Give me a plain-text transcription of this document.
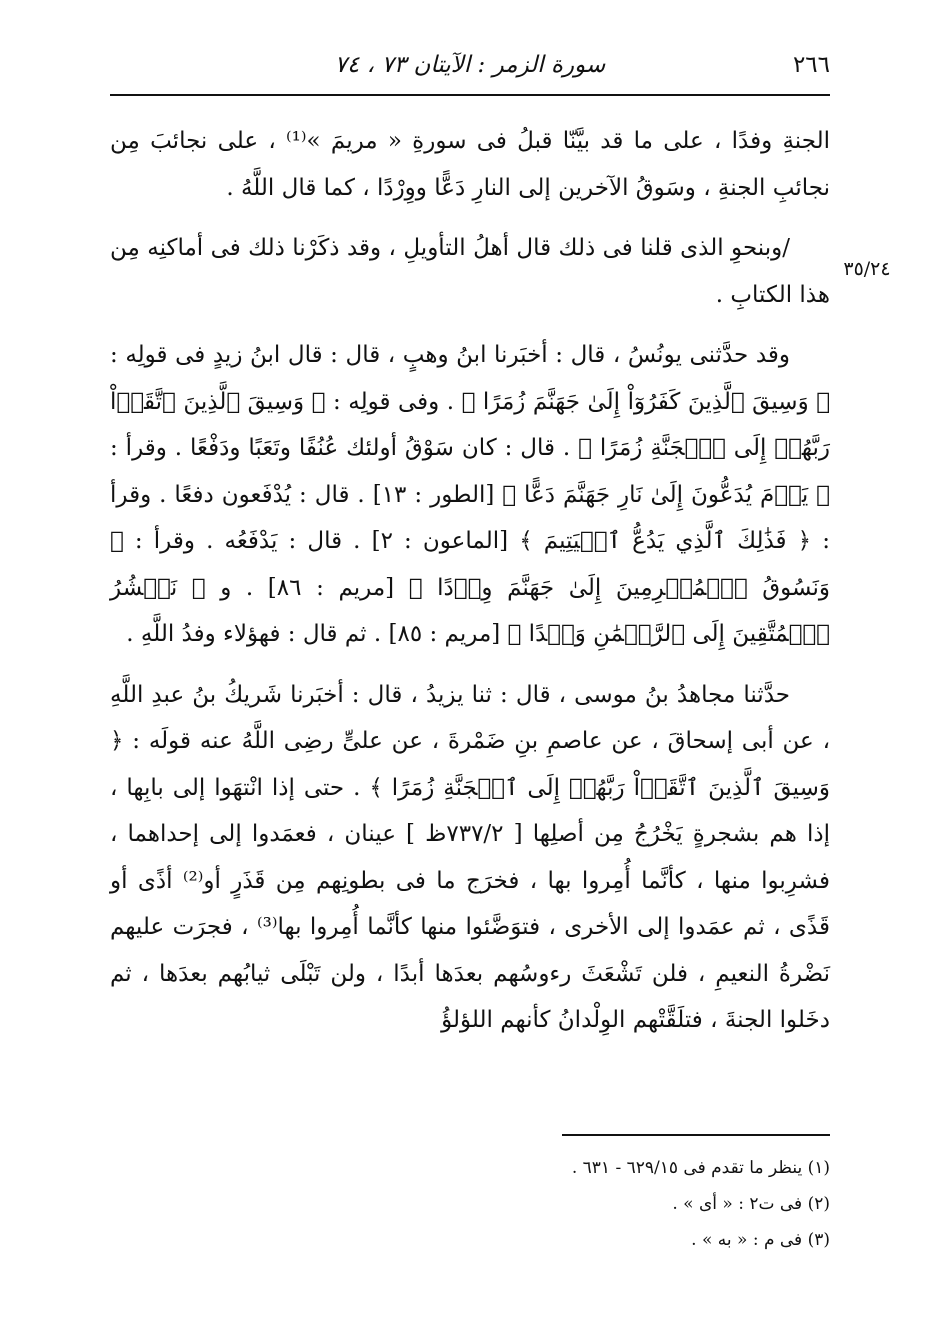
٢٦٦
سورة الزمر : الآيتان ٧٣ ، ٧٤
٣٥/٢٤

الجنةِ وفدًا ، على ما قد بيَّنّا قبلُ فى سورةِ « مريمَ »⁽¹⁾ ، على نجائبَ مِن نجائبِ الجنةِ ، وسَوقُ الآخرين إلى النارِ دَعًّا ووِرْدًا ، كما قال اللَّهُ .

/وبنحوِ الذى قلنا فى ذلك قال أهلُ التأويلِ ، وقد ذكَرْنا ذلك فى أماكنِه مِن هذا الكتابِ .

وقد حدَّثنى يونُسُ ، قال : أخبَرنا ابنُ وهبٍ ، قال : قال ابنُ زيدٍ فى قولِه : ﴿ وَسِيقَ ٱلَّذِينَ كَفَرُوٓاْ إِلَىٰ جَهَنَّمَ زُمَرًا ﴾ . وفى قولِه : ﴿ وَسِيقَ ٱلَّذِينَ ٱتَّقَوۡاْ رَبَّهُمۡ إِلَى ٱلۡجَنَّةِ زُمَرًا ﴾ . قال : كان سَوْقُ أولئك عُنُفًا وتَعَبًا ودَفْعًا . وقرأ : ﴿ يَوۡمَ يُدَعُّونَ إِلَىٰ نَارِ جَهَنَّمَ دَعًّا ﴾ [الطور : ١٣] . قال : يُدْفَعون دفعًا . وقرأ : ﴿ فَذَٰلِكَ ٱلَّذِي يَدُعُّ ٱلۡيَتِيمَ ﴾ [الماعون : ٢] . قال : يَدْفَعُه . وقرأ : ﴿ وَنَسُوقُ ٱلۡمُجۡرِمِينَ إِلَىٰ جَهَنَّمَ وِرۡدًا ﴾ [مريم : ٨٦] . و ﴿ نَحۡشُرُ ٱلۡمُتَّقِينَ إِلَى ٱلرَّحۡمَٰنِ وَفۡدًا ﴾ [مريم : ٨٥] . ثم قال : فهؤلاء وفدُ اللَّهِ .

حدَّثنا مجاهدُ بنُ موسى ، قال : ثنا يزيدُ ، قال : أخبَرنا شَريكُ بنُ عبدِ اللَّهِ ، عن أبى إسحاقَ ، عن عاصمِ بنِ ضَمْرةَ ، عن علىٍّ رضِى اللَّهُ عنه قولَه : ﴿ وَسِيقَ ٱلَّذِينَ ٱتَّقَوۡاْ رَبَّهُمۡ إِلَى ٱلۡجَنَّةِ زُمَرًا ﴾ . حتى إذا انْتهَوا إلى بابِها ، إذا هم بشجرةٍ يَخْرُجُ مِن أصلِها [ ٧٣٧/٢ظ ] عينان ، فعمَدوا إلى إحداهما ، فشرِبوا منها ، كأنَّما أُمِروا بها ، فخرَج ما فى بطونِهم مِن قَذَرٍ أو⁽²⁾ أذًى أو قَذًى ، ثم عمَدوا إلى الأخرى ، فتوَضَّئوا منها كأنَّما أُمِروا بها⁽³⁾ ، فجرَت عليهم نَضْرةُ النعيمِ ، فلن تَشْعَثَ رءوسُهم بعدَها أبدًا ، ولن تَبْلَى ثيابُهم بعدَها ، ثم دخَلوا الجنةَ ، فتلَقَّتْهم الوِلْدانُ كأنهم اللؤلؤُ

(١) ينظر ما تقدم فى ٦٢٩/١٥ - ٦٣١ .
(٢) فى ت٢ : « أى » .
(٣) فى م : « به » .
